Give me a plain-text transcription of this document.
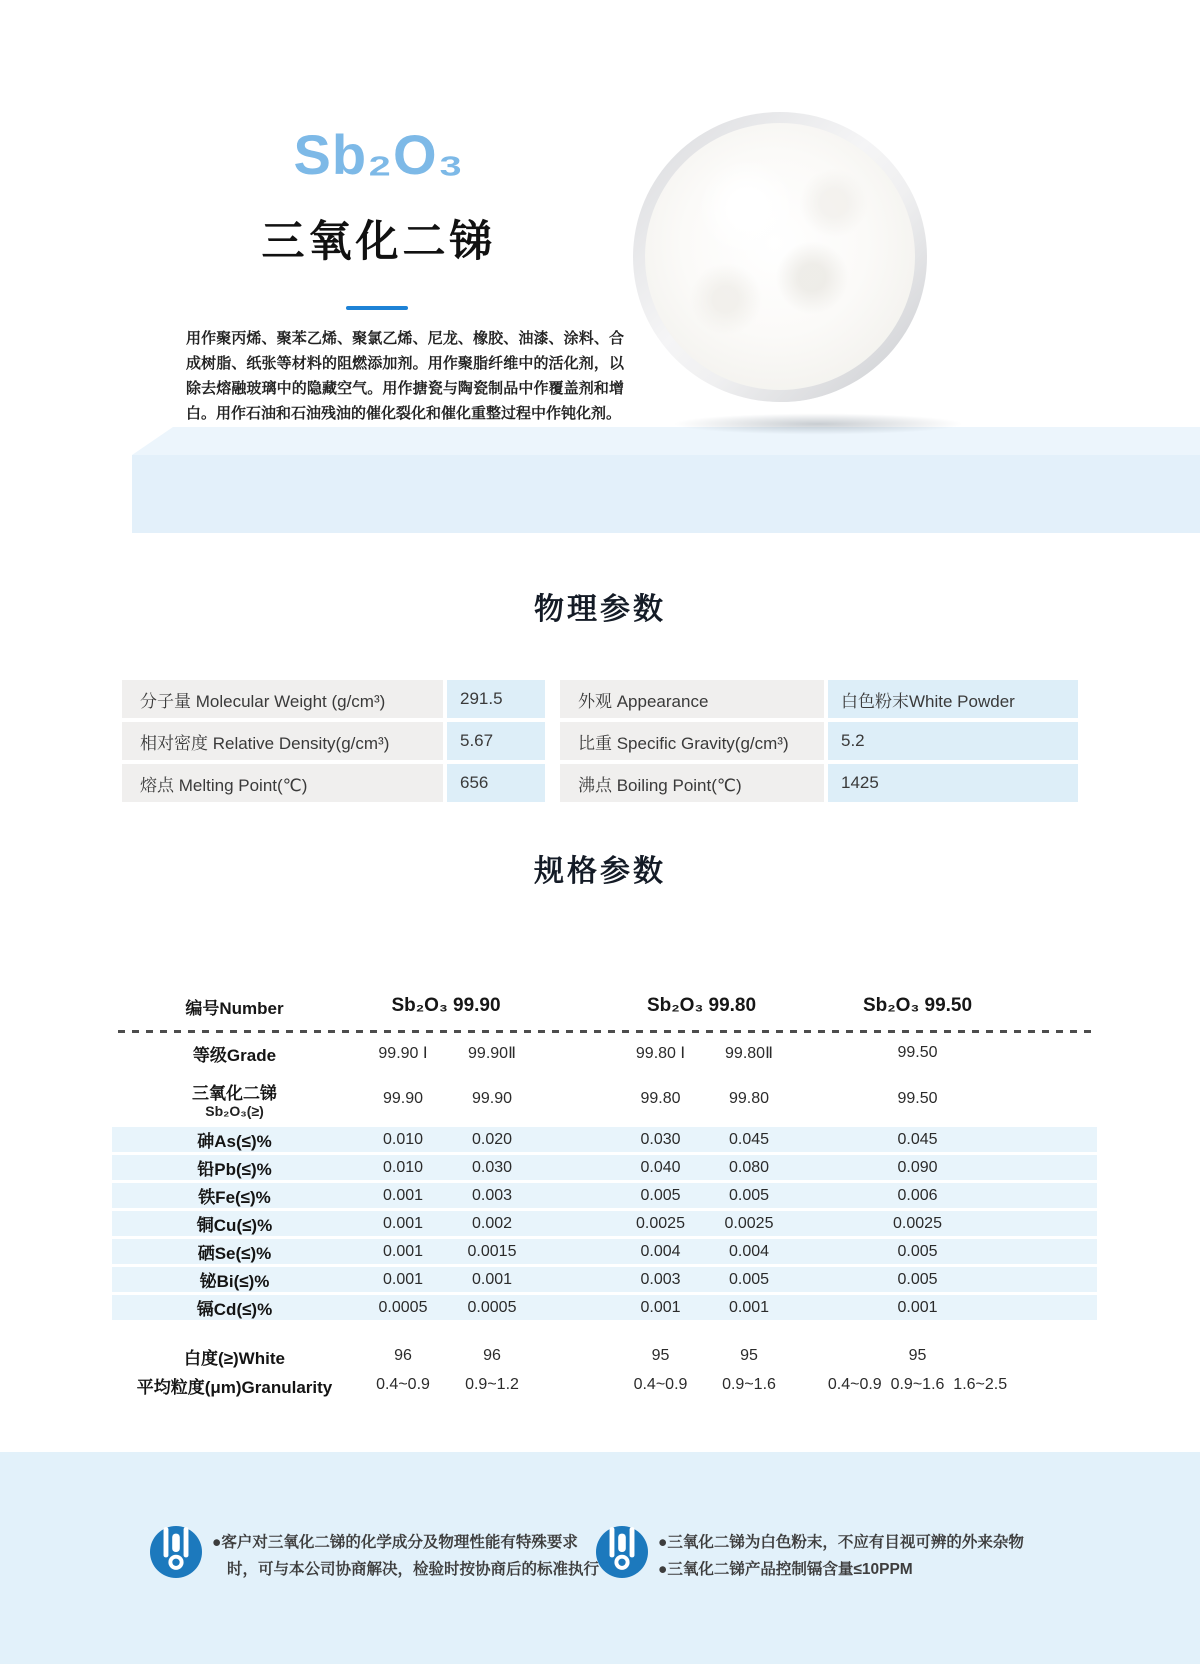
Sb₂O₃
三氧化二锑

用作聚丙烯、聚苯乙烯、聚氯乙烯、尼龙、橡胶、油漆、涂料、合成树脂、纸张等材料的阻燃添加剂。用作聚脂纤维中的活化剂，以除去熔融玻璃中的隐藏空气。用作搪瓷与陶瓷制品中作覆盖剂和增白。用作石油和石油残油的催化裂化和催化重整过程中作钝化剂。

物理参数
分子量 Molecular Weight (g/cm³)	291.5	外观 Appearance	白色粉末White Powder
相对密度 Relative Density(g/cm³)	5.67	比重 Specific Gravity(g/cm³)	5.2
熔点 Melting Point(℃)	656	沸点 Boiling Point(℃)	1425
规格参数
编号Number	Sb₂O₃ 99.90	Sb₂O₃ 99.80	Sb₂O₃ 99.50
等级Grade	99.90 Ⅰ	99.90Ⅱ	99.80 Ⅰ	99.80Ⅱ	99.50
三氧化二锑
Sb₂O₃(≥)
99.90	99.90	99.80	99.80	99.50
砷As(≤)%	0.010	0.020	0.030	0.045	0.045
铅Pb(≤)%	0.010	0.030	0.040	0.080	0.090
铁Fe(≤)%	0.001	0.003	0.005	0.005	0.006
铜Cu(≤)%	0.001	0.002	0.0025	0.0025	0.0025
硒Se(≤)%	0.001	0.0015	0.004	0.004	0.005
铋Bi(≤)%	0.001	0.001	0.003	0.005	0.005
镉Cd(≤)%	0.0005	0.0005	0.001	0.001	0.001
白度(≥)White	96	96	95	95	95
平均粒度(μm)Granularity	0.4~0.9	0.9~1.2	0.4~0.9	0.9~1.6	0.4~0.9  0.9~1.6  1.6~2.5
●客户对三氧化二锑的化学成分及物理性能有特殊要求
时，可与本公司协商解决，检验时按协商后的标准执行
●三氧化二锑为白色粉末，不应有目视可辨的外来杂物
●三氧化二锑产品控制镉含量≤10PPM
